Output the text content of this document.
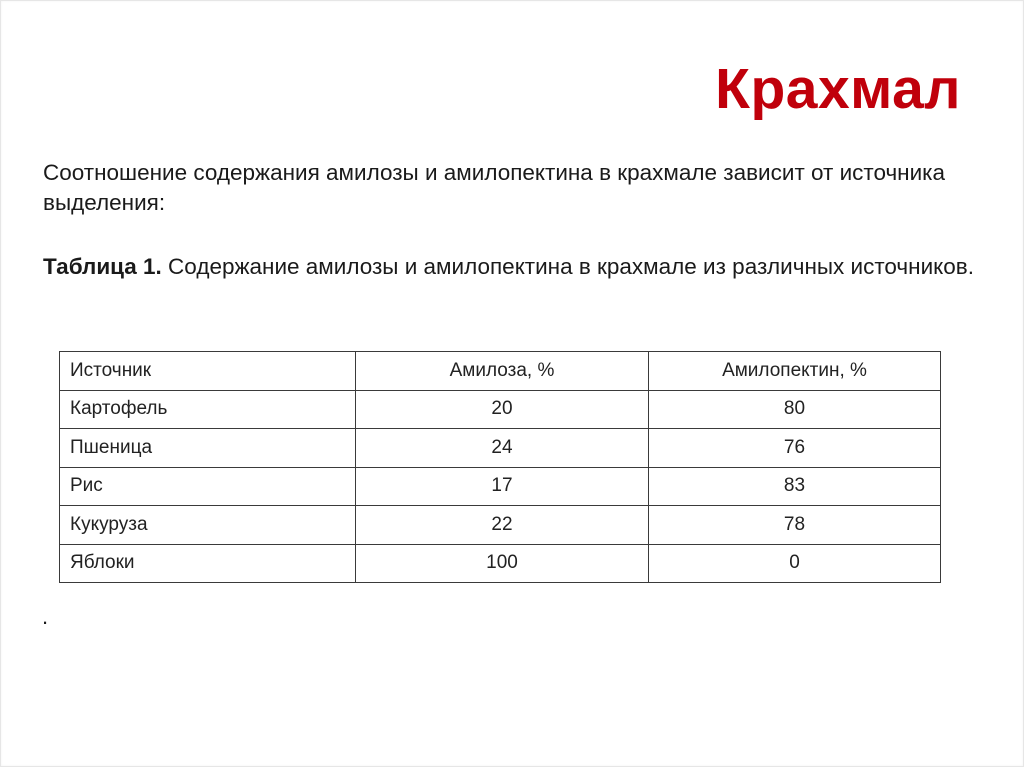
Крахмал

Соотношение содержания амилозы и амилопектина в крахмале зависит от источника выделения:

Таблица 1. Содержание амилозы и амилопектина в крахмале из различных источников.

Источник	Амилоза, %	Амилопектин, %
Картофель	20	80
Пшеница	24	76
Рис	17	83
Кукуруза	22	78
Яблоки	100	0
.
